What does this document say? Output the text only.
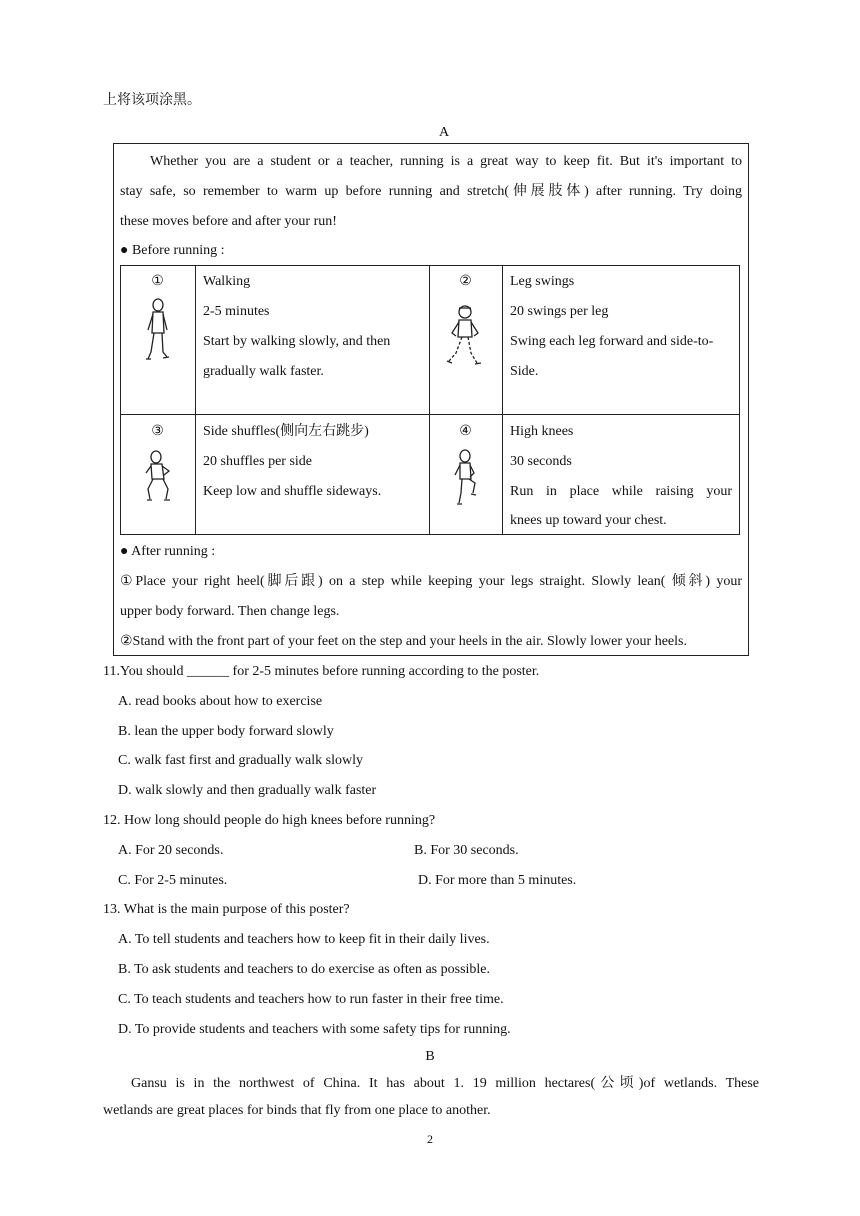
上将该项涂黑。
A
Whether you are a student or a teacher, running is a great way to keep fit. But it's important to
stay safe, so remember to warm up before running and stretch(伸展肢体) after running. Try doing
these moves before and after your run!
● Before running :
①	Walking
2-5 minutes
Start by walking slowly, and then
gradually walk faster.
②	Leg swings
20 swings per leg
Swing each leg forward and side-to-
Side.
③	Side shuffles(侧向左右跳步)
20 shuffles per side
Keep low and shuffle sideways.
④	High knees
30 seconds
Run in place while raising your
knees up toward your chest.
● After running :
①Place your right heel(脚后跟) on a step while keeping your legs straight. Slowly lean( 倾斜) your
upper body forward. Then change legs.
②Stand with the front part of your feet on the step and your heels in the air. Slowly lower your heels.
11.You should ______ for 2-5 minutes before running according to the poster.
A. read books about how to exercise
B. lean the upper body forward slowly
C. walk fast first and gradually walk slowly
D. walk slowly and then gradually walk faster
12. How long should people do high knees before running?
A. For 20 seconds.	B. For 30 seconds.
C. For 2-5 minutes.	D. For more than 5 minutes.
13. What is the main purpose of this poster?
A. To tell students and teachers how to keep fit in their daily lives.
B. To ask students and teachers to do exercise as often as possible.
C. To teach students and teachers how to run faster in their free time.
D. To provide students and teachers with some safety tips for running.
B
Gansu is in the northwest of China. It has about 1. 19 million hectares(公顷)of wetlands. These
wetlands are great places for binds that fly from one place to another.
2
